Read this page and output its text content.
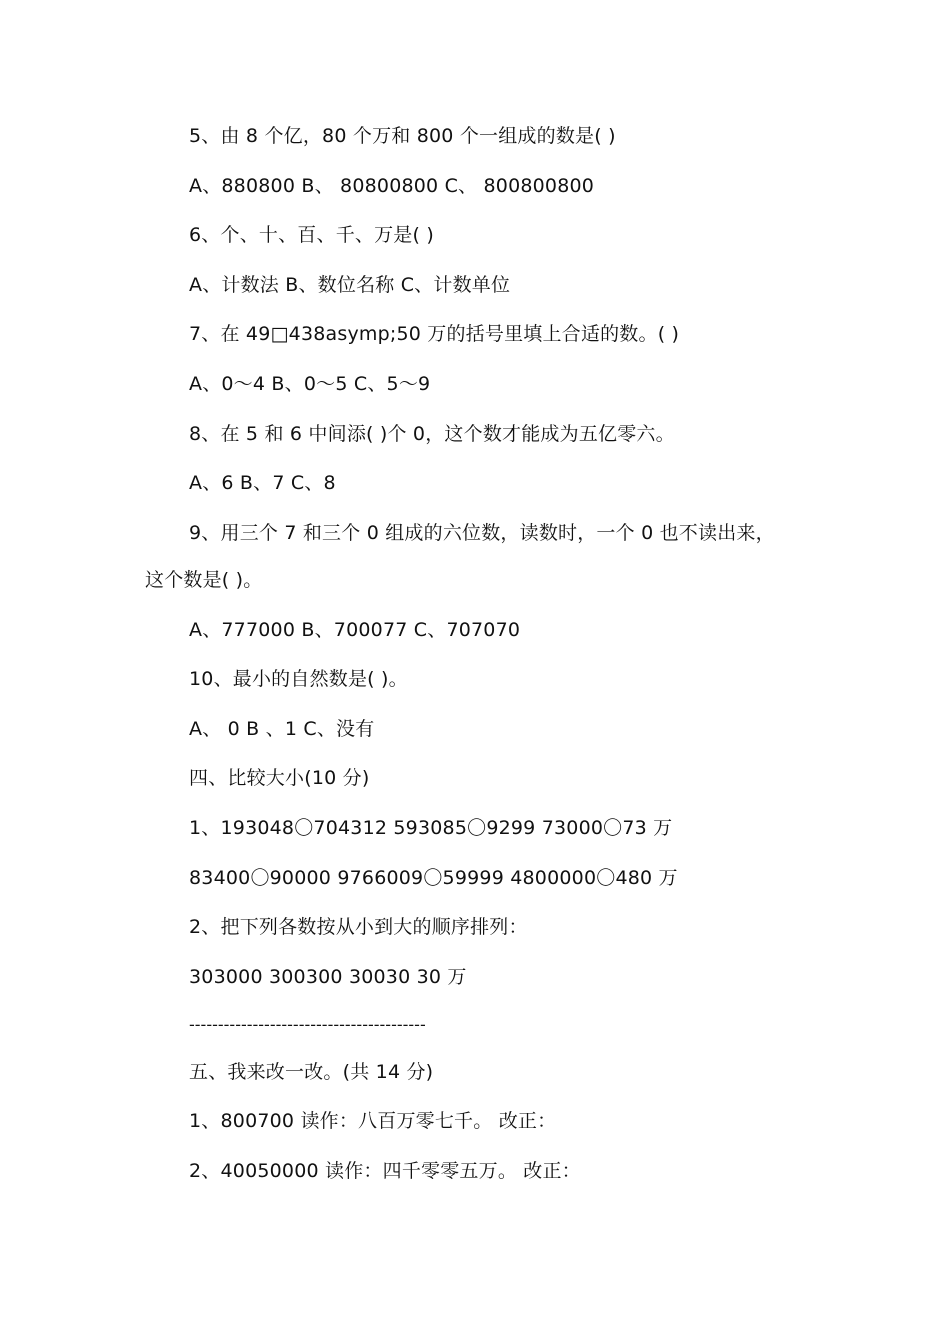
5、由 8 个亿，80 个万和 800 个一组成的数是( )
A、880800 B、 80800800 C、 800800800
6、个、十、百、千、万是( )
A、计数法 B、数位名称 C、计数单位
7、在 49□438asymp;50 万的括号里填上合适的数。( )
A、0～4 B、0～5 C、5～9
8、在 5 和 6 中间添( )个 0，这个数才能成为五亿零六。
A、6 B、7 C、8
9、用三个 7 和三个 0 组成的六位数，读数时，一个 0 也不读出来，
这个数是( )。
A、777000 B、700077 C、707070
10、最小的自然数是( )。
A、 0 B 、1 C、没有
四、比较大小(10 分)
1、193048〇704312 593085〇9299 73000〇73 万
83400〇90000 9766009〇59999 4800000〇480 万
2、把下列各数按从小到大的顺序排列：
303000 300300 30030 30 万
-----------------------------------------
五、我来改一改。(共 14 分)
1、800700 读作：八百万零七千。 改正：
2、40050000 读作：四千零零五万。 改正：
